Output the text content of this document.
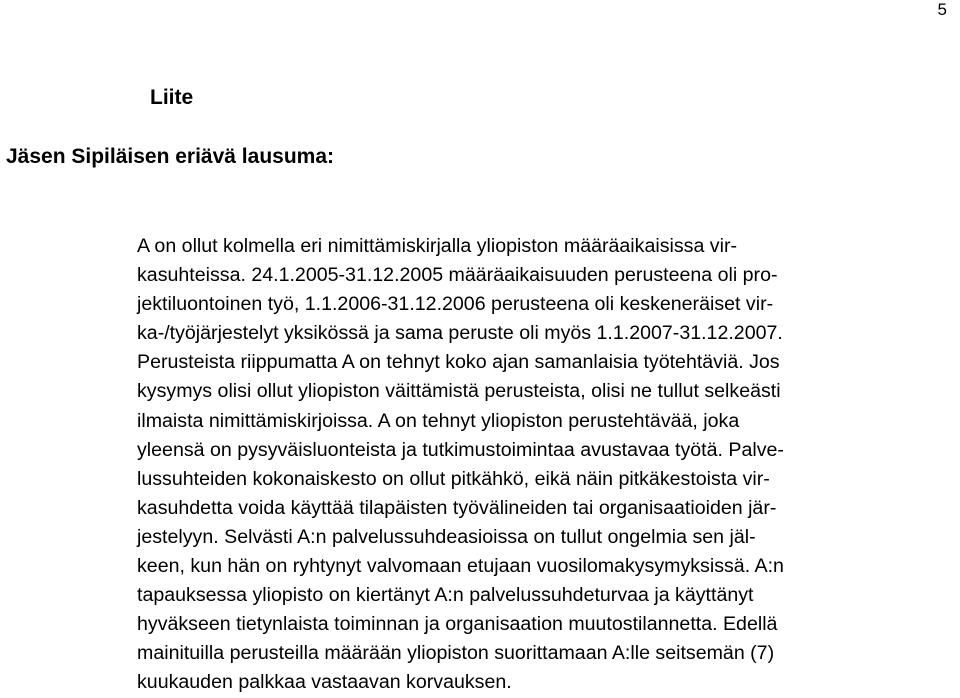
5
Liite
Jäsen Sipiläisen eriävä lausuma:

A on ollut kolmella eri nimittämiskirjalla yliopiston määräaikaisissa vir-
kasuhteissa. 24.1.2005-31.12.2005 määräaikaisuuden perusteena oli pro-
jektiluontoinen työ, 1.1.2006-31.12.2006 perusteena oli keskeneräiset vir-
ka-/työjärjestelyt yksikössä ja sama peruste oli myös 1.1.2007-31.12.2007.
Perusteista riippumatta A on tehnyt koko ajan samanlaisia työtehtäviä. Jos
kysymys olisi ollut yliopiston väittämistä perusteista, olisi ne tullut selkeästi
ilmaista nimittämiskirjoissa. A on tehnyt yliopiston perustehtävää, joka
yleensä on pysyväisluonteista ja tutkimustoimintaa avustavaa työtä. Palve-
lussuhteiden kokonaiskesto on ollut pitkähkö, eikä näin pitkäkestoista vir-
kasuhdetta voida käyttää tilapäisten työvälineiden tai organisaatioiden jär-
jestelyyn. Selvästi A:n palvelussuhdeasioissa on tullut ongelmia sen jäl-
keen, kun hän on ryhtynyt valvomaan etujaan vuosilomakysymyksissä. A:n
tapauksessa yliopisto on kiertänyt A:n palvelussuhdeturvaa ja käyttänyt
hyväkseen tietynlaista toiminnan ja organisaation muutostilannetta. Edellä
mainituilla perusteilla määrään yliopiston suorittamaan A:lle seitsemän (7)
kuukauden palkkaa vastaavan korvauksen.
